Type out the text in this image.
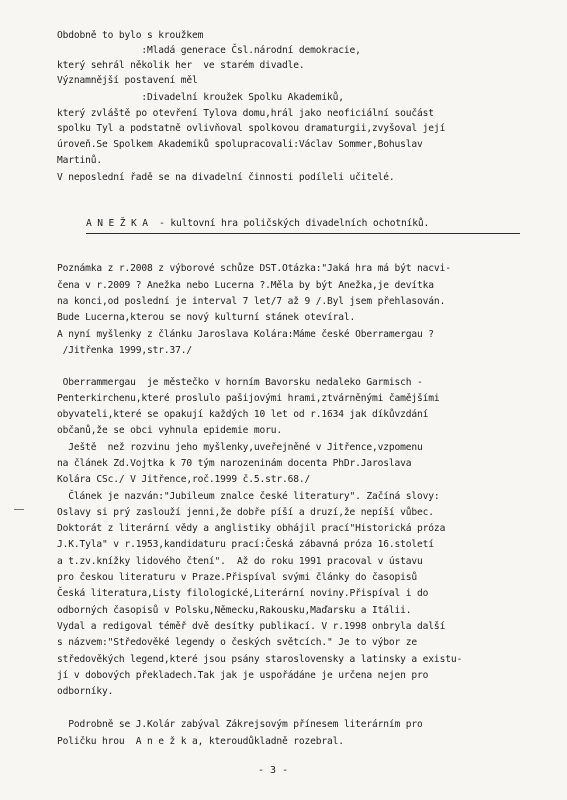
Obdobně to bylo s kroužkem
:Mladá generace Čsl.národní demokracie,
který sehrál několik her  ve starém divadle.
Významnější postavení měl
:Divadelní kroužek Spolku Akademiků,
který zvláště po otevření Tylova domu,hrál jako neoficiální součást
spolku Tyl a podstatně ovlivňoval spolkovou dramaturgii,zvyšoval její
úroveň.Se Spolkem Akademiků spolupracovali:Václav Sommer,Bohuslav
Martinů.
V neposlední řadě se na divadelní činnosti podíleli učitelé.
A N E Ž K A  - kultovní hra poličských divadelních ochotníků.
Poznámka z r.2008 z výborové schůze DST.Otázka:"Jaká hra má být nacvi-
čena v r.2009 ? Anežka nebo Lucerna ?.Měla by být Anežka,je devítka
na konci,od poslední je interval 7 let/7 až 9 /.Byl jsem přehlasován.
Bude Lucerna,kterou se nový kulturní stánek otevíral.
A nyní myšlenky z článku Jaroslava Kolára:Máme české Oberramergau ?
/Jitřenka 1999,str.37./
Oberrammergau  je městečko v horním Bavorsku nedaleko Garmisch -
Penterkirchenu,které proslulo pašijovými hrami,ztvárněnými čamějšími
obyvateli,které se opakují každých 10 let od r.1634 jak díkůvzdání
občanů,že se obci vyhnula epidemie moru.
Ještě  než rozvinu jeho myšlenky,uveřejněné v Jitřence,vzpomenu
na článek Zd.Vojtka k 70 tým narozeninám docenta PhDr.Jaroslava
Kolára CSc./ V Jitřence,roč.1999 č.5.str.68./
Článek je nazván:"Jubileum znalce české literatury". Začíná slovy:
Oslavy si prý zaslouží jenni,že dobře píší a druzí,že nepíší vůbec.
Doktorát z literární vědy a anglistiky obhájil prací"Historická próza
J.K.Tyla" v r.1953,kandidaturu prací:Česká zábavná próza 16.století
a t.zv.knížky lidového čtení".  Až do roku 1991 pracoval v ústavu
pro českou literaturu v Praze.Přispíval svými články do časopisů
Česká literatura,Listy filologické,Literární noviny.Přispíval i do
odborných časopisů v Polsku,Německu,Rakousku,Maďarsku a Itálii.
Vydal a redigoval téměř dvě desítky publikací. V r.1998 onbryla další
s názvem:"Středověké legendy o českých světcích." Je to výbor ze
středověkých legend,které jsou psány staroslovensky a latinsky a existu-
jí v dobových překladech.Tak jak je uspořádáne je určena nejen pro
odborníky.
Podrobně se J.Kolár zabýval Zákrejsovým přínesem literárním pro
Poličku hrou  A n e ž k a, kteroudůkladně rozebral.
- 3 -
